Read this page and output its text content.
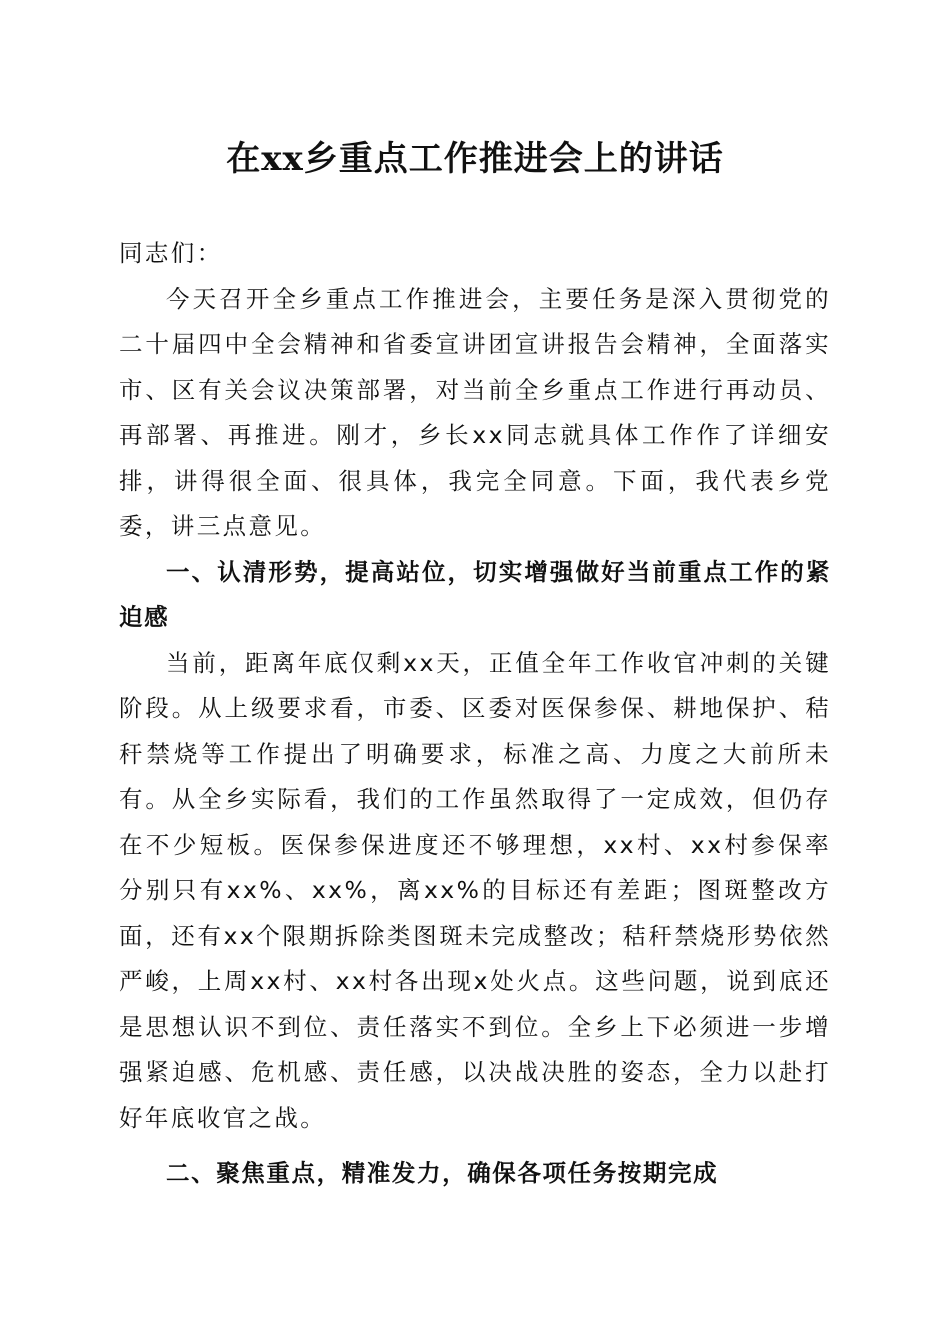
在xx乡重点工作推进会上的讲话

同志们：

今天召开全乡重点工作推进会，主要任务是深入贯彻党的二十届四中全会精神和省委宣讲团宣讲报告会精神，全面落实市、区有关会议决策部署，对当前全乡重点工作进行再动员、再部署、再推进。刚才，乡长xx同志就具体工作作了详细安排，讲得很全面、很具体，我完全同意。下面，我代表乡党委，讲三点意见。

一、认清形势，提高站位，切实增强做好当前重点工作的紧迫感

当前，距离年底仅剩xx天，正值全年工作收官冲刺的关键阶段。从上级要求看，市委、区委对医保参保、耕地保护、秸秆禁烧等工作提出了明确要求，标准之高、力度之大前所未有。从全乡实际看，我们的工作虽然取得了一定成效，但仍存在不少短板。医保参保进度还不够理想，xx村、xx村参保率分别只有xx%、xx%，离xx%的目标还有差距；图斑整改方面，还有xx个限期拆除类图斑未完成整改；秸秆禁烧形势依然严峻，上周xx村、xx村各出现x处火点。这些问题，说到底还是思想认识不到位、责任落实不到位。全乡上下必须进一步增强紧迫感、危机感、责任感，以决战决胜的姿态，全力以赴打好年底收官之战。

二、聚焦重点，精准发力，确保各项任务按期完成
